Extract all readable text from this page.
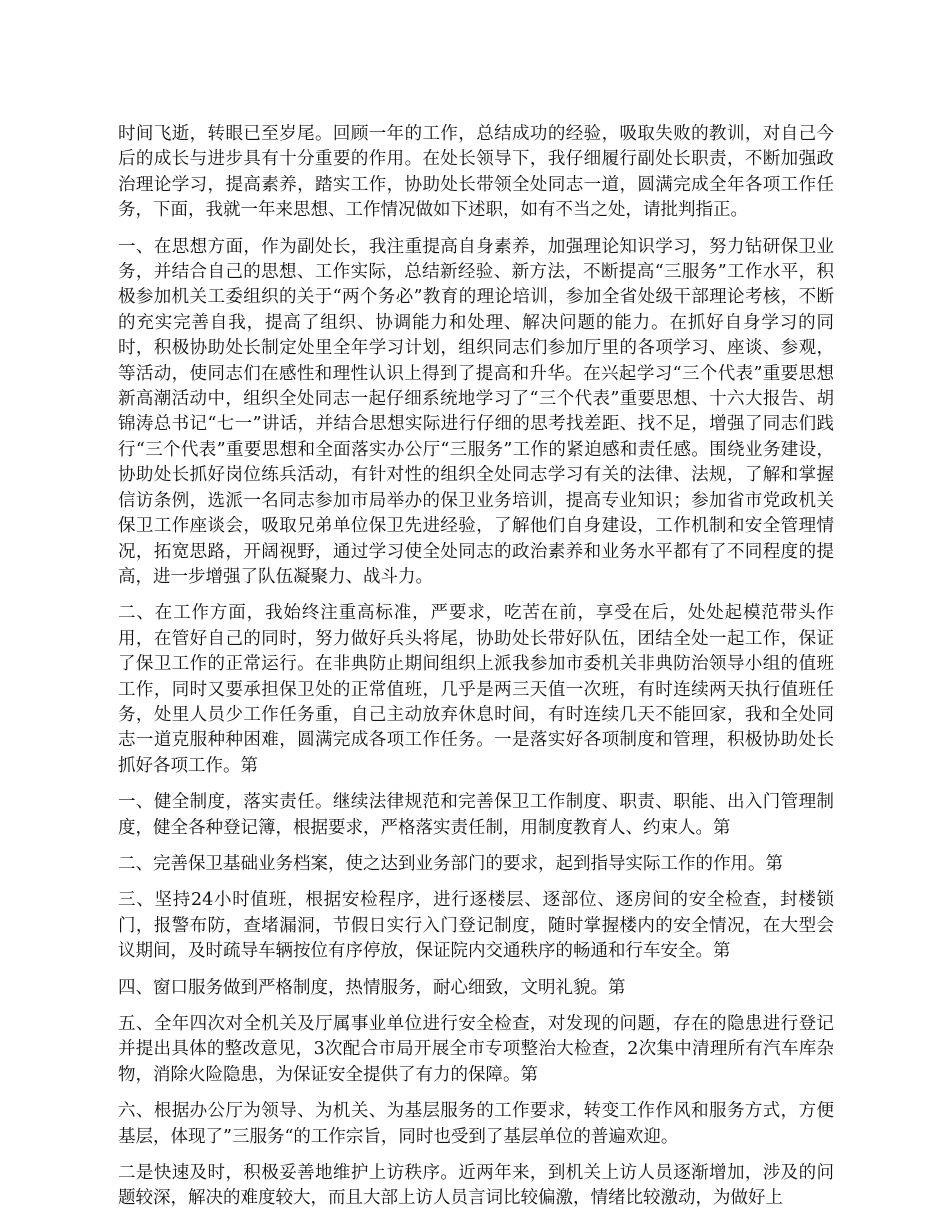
时间飞逝，转眼已至岁尾。回顾一年的工作，总结成功的经验，吸取失败的教训，对自己今后的成长与进步具有十分重要的作用。在处长领导下，我仔细履行副处长职责，不断加强政治理论学习，提高素养，踏实工作，协助处长带领全处同志一道，圆满完成全年各项工作任务，下面，我就一年来思想、工作情况做如下述职，如有不当之处，请批判指正。

一、在思想方面，作为副处长，我注重提高自身素养，加强理论知识学习，努力钻研保卫业务，并结合自己的思想、工作实际，总结新经验、新方法，不断提高“三服务”工作水平，积极参加机关工委组织的关于“两个务必”教育的理论培训，参加全省处级干部理论考核，不断的充实完善自我，提高了组织、协调能力和处理、解决问题的能力。在抓好自身学习的同时，积极协助处长制定处里全年学习计划，组织同志们参加厅里的各项学习、座谈、参观，等活动，使同志们在感性和理性认识上得到了提高和升华。在兴起学习“三个代表”重要思想新高潮活动中，组织全处同志一起仔细系统地学习了“三个代表”重要思想、十六大报告、胡锦涛总书记“七一”讲话，并结合思想实际进行仔细的思考找差距、找不足，增强了同志们践行“三个代表”重要思想和全面落实办公厅“三服务”工作的紧迫感和责任感。围绕业务建设，协助处长抓好岗位练兵活动，有针对性的组织全处同志学习有关的法律、法规，了解和掌握信访条例，选派一名同志参加市局举办的保卫业务培训，提高专业知识；参加省市党政机关保卫工作座谈会，吸取兄弟单位保卫先进经验，了解他们自身建设，工作机制和安全管理情况，拓宽思路，开阔视野，通过学习使全处同志的政治素养和业务水平都有了不同程度的提高，进一步增强了队伍凝聚力、战斗力。

二、在工作方面，我始终注重高标准，严要求，吃苦在前，享受在后，处处起模范带头作用，在管好自己的同时，努力做好兵头将尾，协助处长带好队伍，团结全处一起工作，保证了保卫工作的正常运行。在非典防止期间组织上派我参加市委机关非典防治领导小组的值班工作，同时又要承担保卫处的正常值班，几乎是两三天值一次班，有时连续两天执行值班任务，处里人员少工作任务重，自己主动放弃休息时间，有时连续几天不能回家，我和全处同志一道克服种种困难，圆满完成各项工作任务。一是落实好各项制度和管理，积极协助处长抓好各项工作。第

一、健全制度，落实责任。继续法律规范和完善保卫工作制度、职责、职能、出入门管理制度，健全各种登记簿，根据要求，严格落实责任制，用制度教育人、约束人。第

二、完善保卫基础业务档案，使之达到业务部门的要求，起到指导实际工作的作用。第

三、坚持24小时值班，根据安检程序，进行逐楼层、逐部位、逐房间的安全检查，封楼锁门，报警布防，查堵漏洞，节假日实行入门登记制度，随时掌握楼内的安全情况，在大型会议期间，及时疏导车辆按位有序停放，保证院内交通秩序的畅通和行车安全。第

四、窗口服务做到严格制度，热情服务，耐心细致，文明礼貌。第

五、全年四次对全机关及厅属事业单位进行安全检查，对发现的问题，存在的隐患进行登记并提出具体的整改意见，3次配合市局开展全市专项整治大检查，2次集中清理所有汽车库杂物，消除火险隐患，为保证安全提供了有力的保障。第

六、根据办公厅为领导、为机关、为基层服务的工作要求，转变工作作风和服务方式，方便基层，体现了”三服务“的工作宗旨，同时也受到了基层单位的普遍欢迎。

二是快速及时，积极妥善地维护上访秩序。近两年来，到机关上访人员逐渐增加，涉及的问题较深，解决的难度较大，而且大部上访人员言词比较偏激，情绪比较激动，为做好上
